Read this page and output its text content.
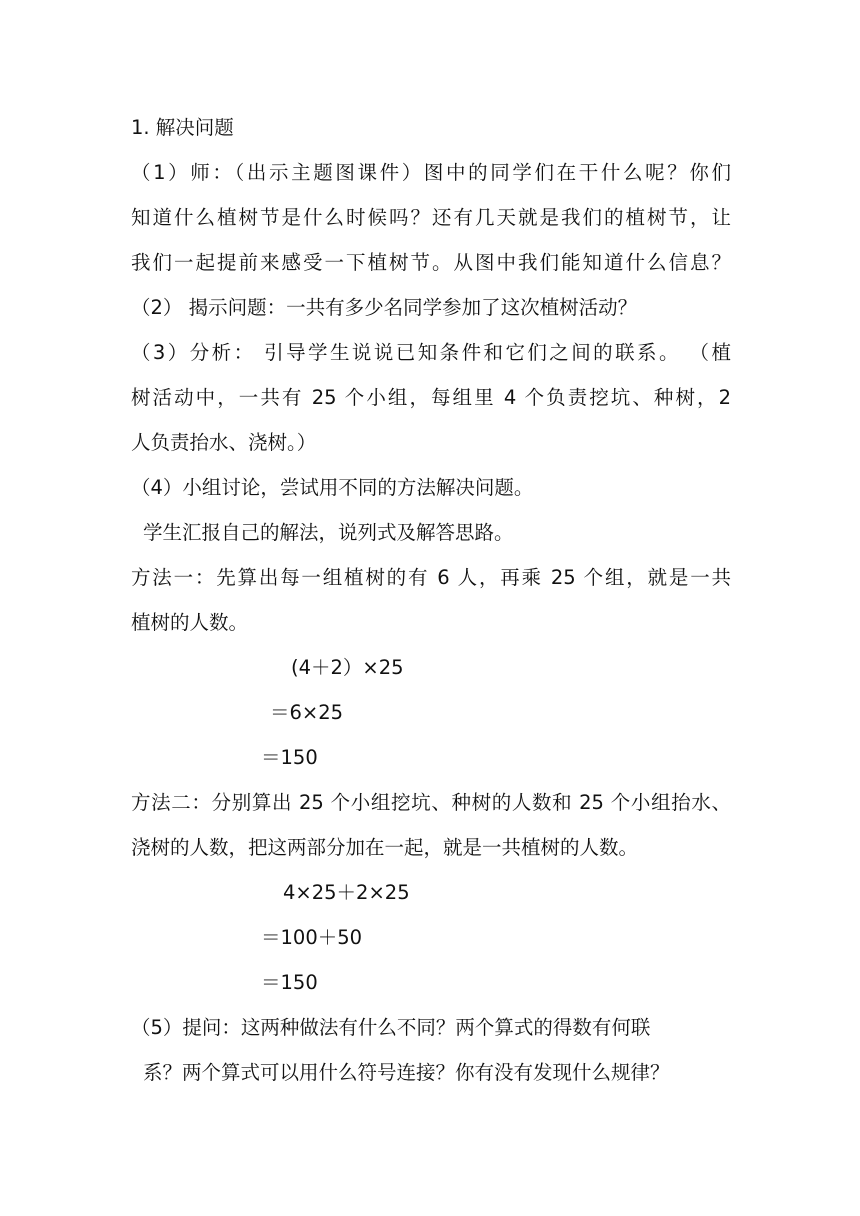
1. 解决问题
（1）师：（出示主题图课件）图中的同学们在干什么呢？你们
知道什么植树节是什么时候吗？还有几天就是我们的植树节，让
我们一起提前来感受一下植树节。从图中我们能知道什么信息？
（2） 揭示问题：一共有多少名同学参加了这次植树活动？
（3）分析： 引导学生说说已知条件和它们之间的联系。 （植
树活动中，一共有 25 个小组，每组里 4 个负责挖坑、种树，2
人负责抬水、浇树。）
（4）小组讨论，尝试用不同的方法解决问题。
学生汇报自己的解法，说列式及解答思路。
方法一：先算出每一组植树的有 6 人，再乘 25 个组，就是一共
植树的人数。
(4＋2）×25
＝6×25
＝150
方法二：分别算出 25 个小组挖坑、种树的人数和 25 个小组抬水、
浇树的人数，把这两部分加在一起，就是一共植树的人数。
4×25＋2×25
＝100＋50
＝150
（5）提问：这两种做法有什么不同？两个算式的得数有何联
系？两个算式可以用什么符号连接？你有没有发现什么规律？
